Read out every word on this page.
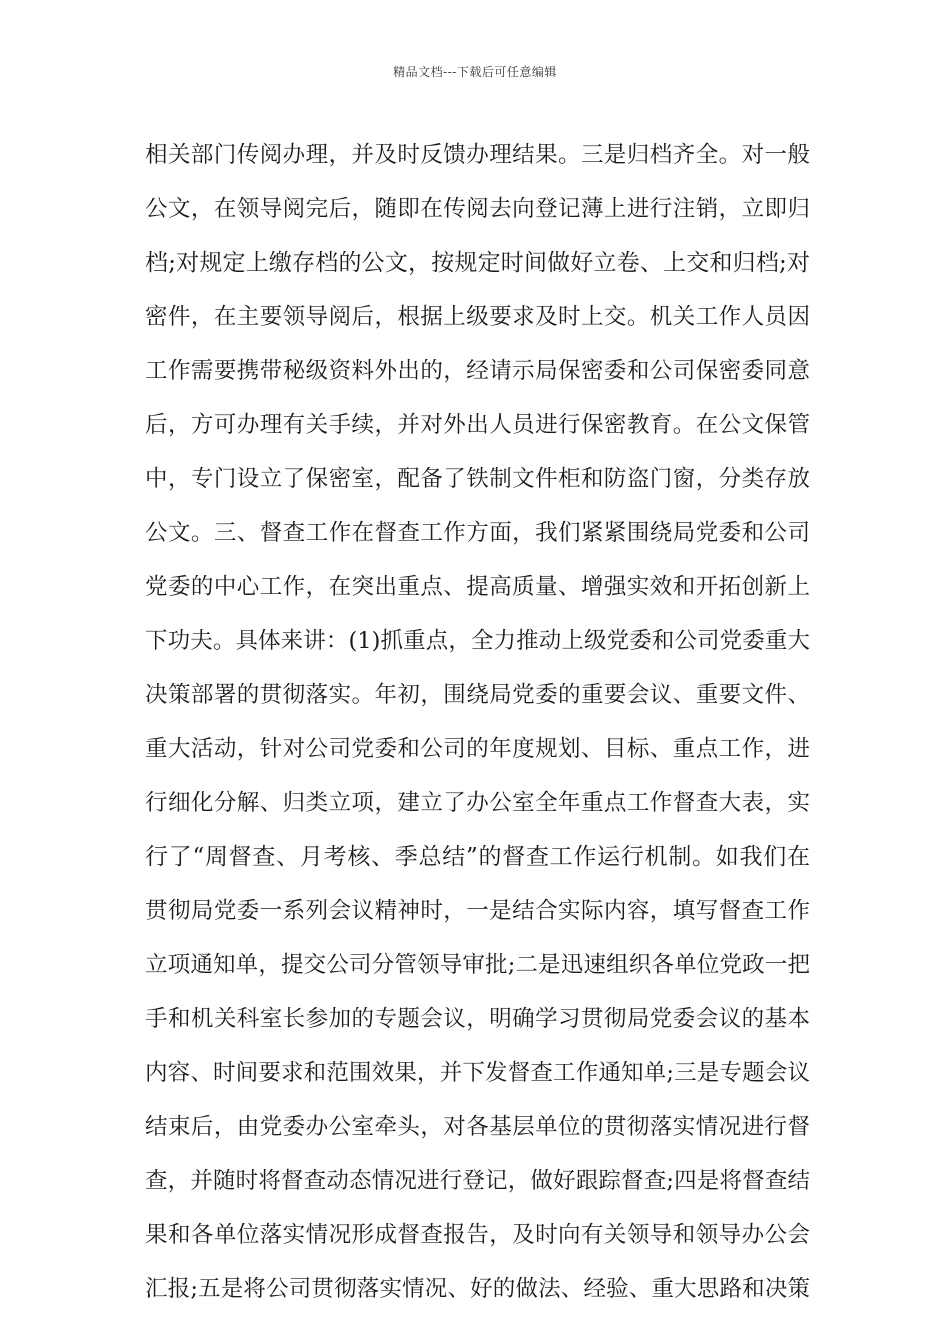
精品文档---下载后可任意编辑
相关部门传阅办理，并及时反馈办理结果。三是归档齐全。对一般
公文，在领导阅完后，随即在传阅去向登记薄上进行注销，立即归
档;对规定上缴存档的公文，按规定时间做好立卷、上交和归档;对
密件，在主要领导阅后，根据上级要求及时上交。机关工作人员因
工作需要携带秘级资料外出的，经请示局保密委和公司保密委同意
后，方可办理有关手续，并对外出人员进行保密教育。在公文保管
中，专门设立了保密室，配备了铁制文件柜和防盗门窗，分类存放
公文。三、督查工作在督查工作方面，我们紧紧围绕局党委和公司
党委的中心工作，在突出重点、提高质量、增强实效和开拓创新上
下功夫。具体来讲：(1)抓重点，全力推动上级党委和公司党委重大
决策部署的贯彻落实。年初，围绕局党委的重要会议、重要文件、
重大活动，针对公司党委和公司的年度规划、目标、重点工作，进
行细化分解、归类立项，建立了办公室全年重点工作督查大表，实
行了“周督查、月考核、季总结”的督查工作运行机制。如我们在
贯彻局党委一系列会议精神时，一是结合实际内容，填写督查工作
立项通知单，提交公司分管领导审批;二是迅速组织各单位党政一把
手和机关科室长参加的专题会议，明确学习贯彻局党委会议的基本
内容、时间要求和范围效果，并下发督查工作通知单;三是专题会议
结束后，由党委办公室牵头，对各基层单位的贯彻落实情况进行督
查，并随时将督查动态情况进行登记，做好跟踪督查;四是将督查结
果和各单位落实情况形成督查报告，及时向有关领导和领导办公会
汇报;五是将公司贯彻落实情况、好的做法、经验、重大思路和决策
